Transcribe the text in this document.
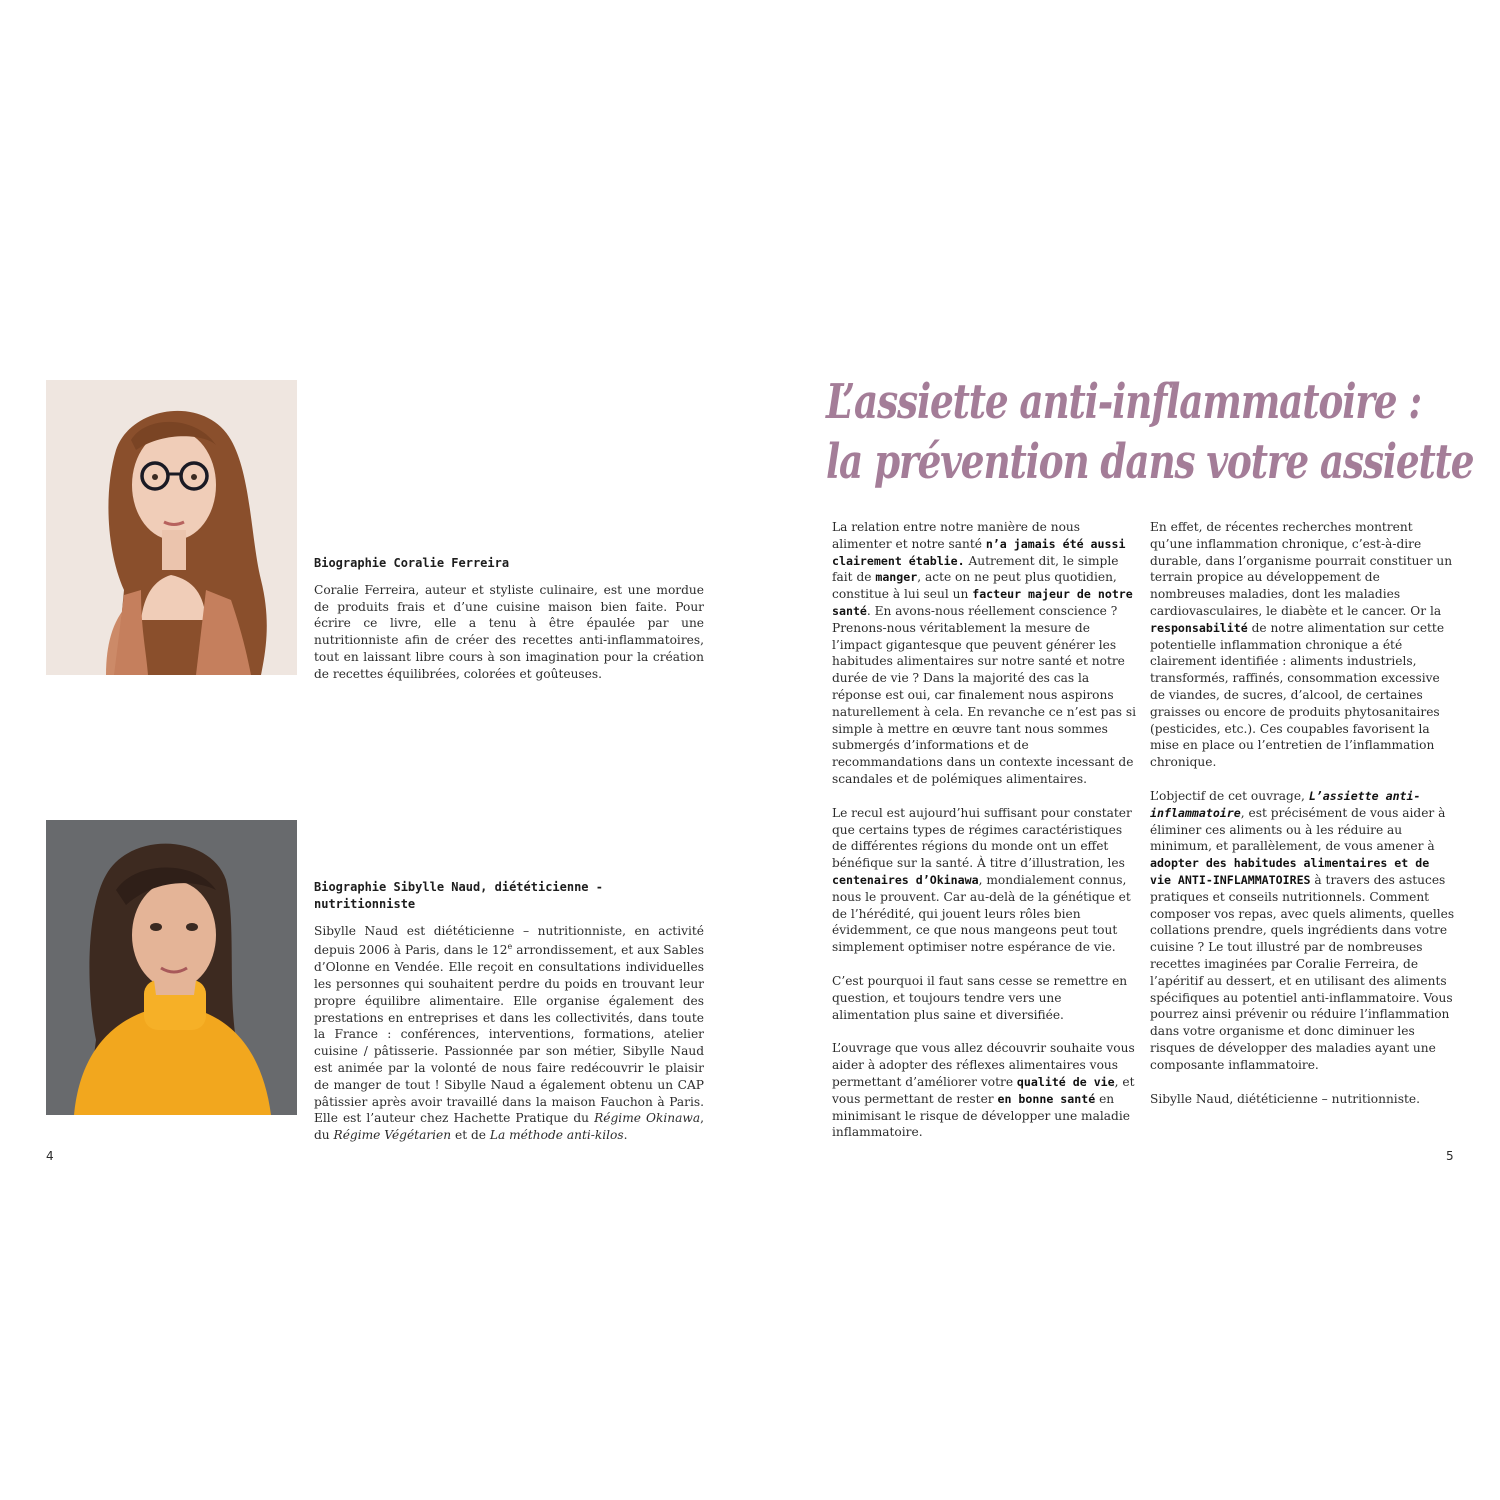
Biographie Coralie Ferreira

Coralie Ferreira, auteur et styliste culinaire, est une mordue de produits frais et d’une cuisine maison bien faite. Pour écrire ce livre, elle a tenu à être épaulée par une nutritionniste afin de créer des recettes anti-inflammatoires, tout en laissant libre cours à son imagination pour la création de recettes équilibrées, colorées et goûteuses.

Biographie Sibylle Naud, diététicienne - nutritionniste

Sibylle Naud est diététicienne – nutritionniste, en activité depuis 2006 à Paris, dans le 12e arrondissement, et aux Sables d’Olonne en Vendée. Elle reçoit en consultations individuelles les personnes qui souhaitent perdre du poids en trouvant leur propre équilibre alimentaire. Elle organise également des prestations en entreprises et dans les collectivités, dans toute la France : conférences, interventions, formations, atelier cuisine / pâtisserie. Passionnée par son métier, Sibylle Naud est animée par la volonté de nous faire redécouvrir le plaisir de manger de tout ! Sibylle Naud a également obtenu un CAP pâtissier après avoir travaillé dans la maison Fauchon à Paris. Elle est l’auteur chez Hachette Pratique du Régime Okinawa, du Régime Végétarien et de La méthode anti-kilos.

4
L’assiette anti-inflammatoire :
la prévention dans votre assiette

La relation entre notre manière de nous alimenter et notre santé n’a jamais été aussi clairement établie. Autrement dit, le simple fait de manger, acte on ne peut plus quotidien, constitue à lui seul un facteur majeur de notre santé. En avons-nous réellement conscience ? Prenons-nous véritablement la mesure de l’impact gigantesque que peuvent générer les habitudes alimentaires sur notre santé et notre durée de vie ? Dans la majorité des cas la réponse est oui, car finalement nous aspirons naturellement à cela. En revanche ce n’est pas si simple à mettre en œuvre tant nous sommes submergés d’informations et de recommandations dans un contexte incessant de scandales et de polémiques alimentaires.

Le recul est aujourd’hui suffisant pour constater que certains types de régimes caractéristiques de différentes régions du monde ont un effet bénéfique sur la santé. À titre d’illustration, les centenaires d’Okinawa, mondialement connus, nous le prouvent. Car au-delà de la génétique et de l’hérédité, qui jouent leurs rôles bien évidemment, ce que nous mangeons peut tout simplement optimiser notre espérance de vie.

C’est pourquoi il faut sans cesse se remettre en question, et toujours tendre vers une alimentation plus saine et diversifiée.

L’ouvrage que vous allez découvrir souhaite vous aider à adopter des réflexes alimentaires vous permettant d’améliorer votre qualité de vie, et vous permettant de rester en bonne santé en minimisant le risque de développer une maladie inflammatoire.

En effet, de récentes recherches montrent qu’une inflammation chronique, c’est-à-dire durable, dans l’organisme pourrait constituer un terrain propice au développement de nombreuses maladies, dont les maladies cardiovasculaires, le diabète et le cancer. Or la responsabilité de notre alimentation sur cette potentielle inflammation chronique a été clairement identifiée : aliments industriels, transformés, raffinés, consommation excessive de viandes, de sucres, d’alcool, de certaines graisses ou encore de produits phytosanitaires (pesticides, etc.). Ces coupables favorisent la mise en place ou l’entretien de l’inflammation chronique.

L’objectif de cet ouvrage, L’assiette anti-inflammatoire, est précisément de vous aider à éliminer ces aliments ou à les réduire au minimum, et parallèlement, de vous amener à adopter des habitudes alimentaires et de vie ANTI-INFLAMMATOIRES à travers des astuces pratiques et conseils nutritionnels. Comment composer vos repas, avec quels aliments, quelles collations prendre, quels ingrédients dans votre cuisine ? Le tout illustré par de nombreuses recettes imaginées par Coralie Ferreira, de l’apéritif au dessert, et en utilisant des aliments spécifiques au potentiel anti-inflammatoire. Vous pourrez ainsi prévenir ou réduire l’inflammation dans votre organisme et donc diminuer les risques de développer des maladies ayant une composante inflammatoire.

Sibylle Naud, diététicienne – nutritionniste.

5
